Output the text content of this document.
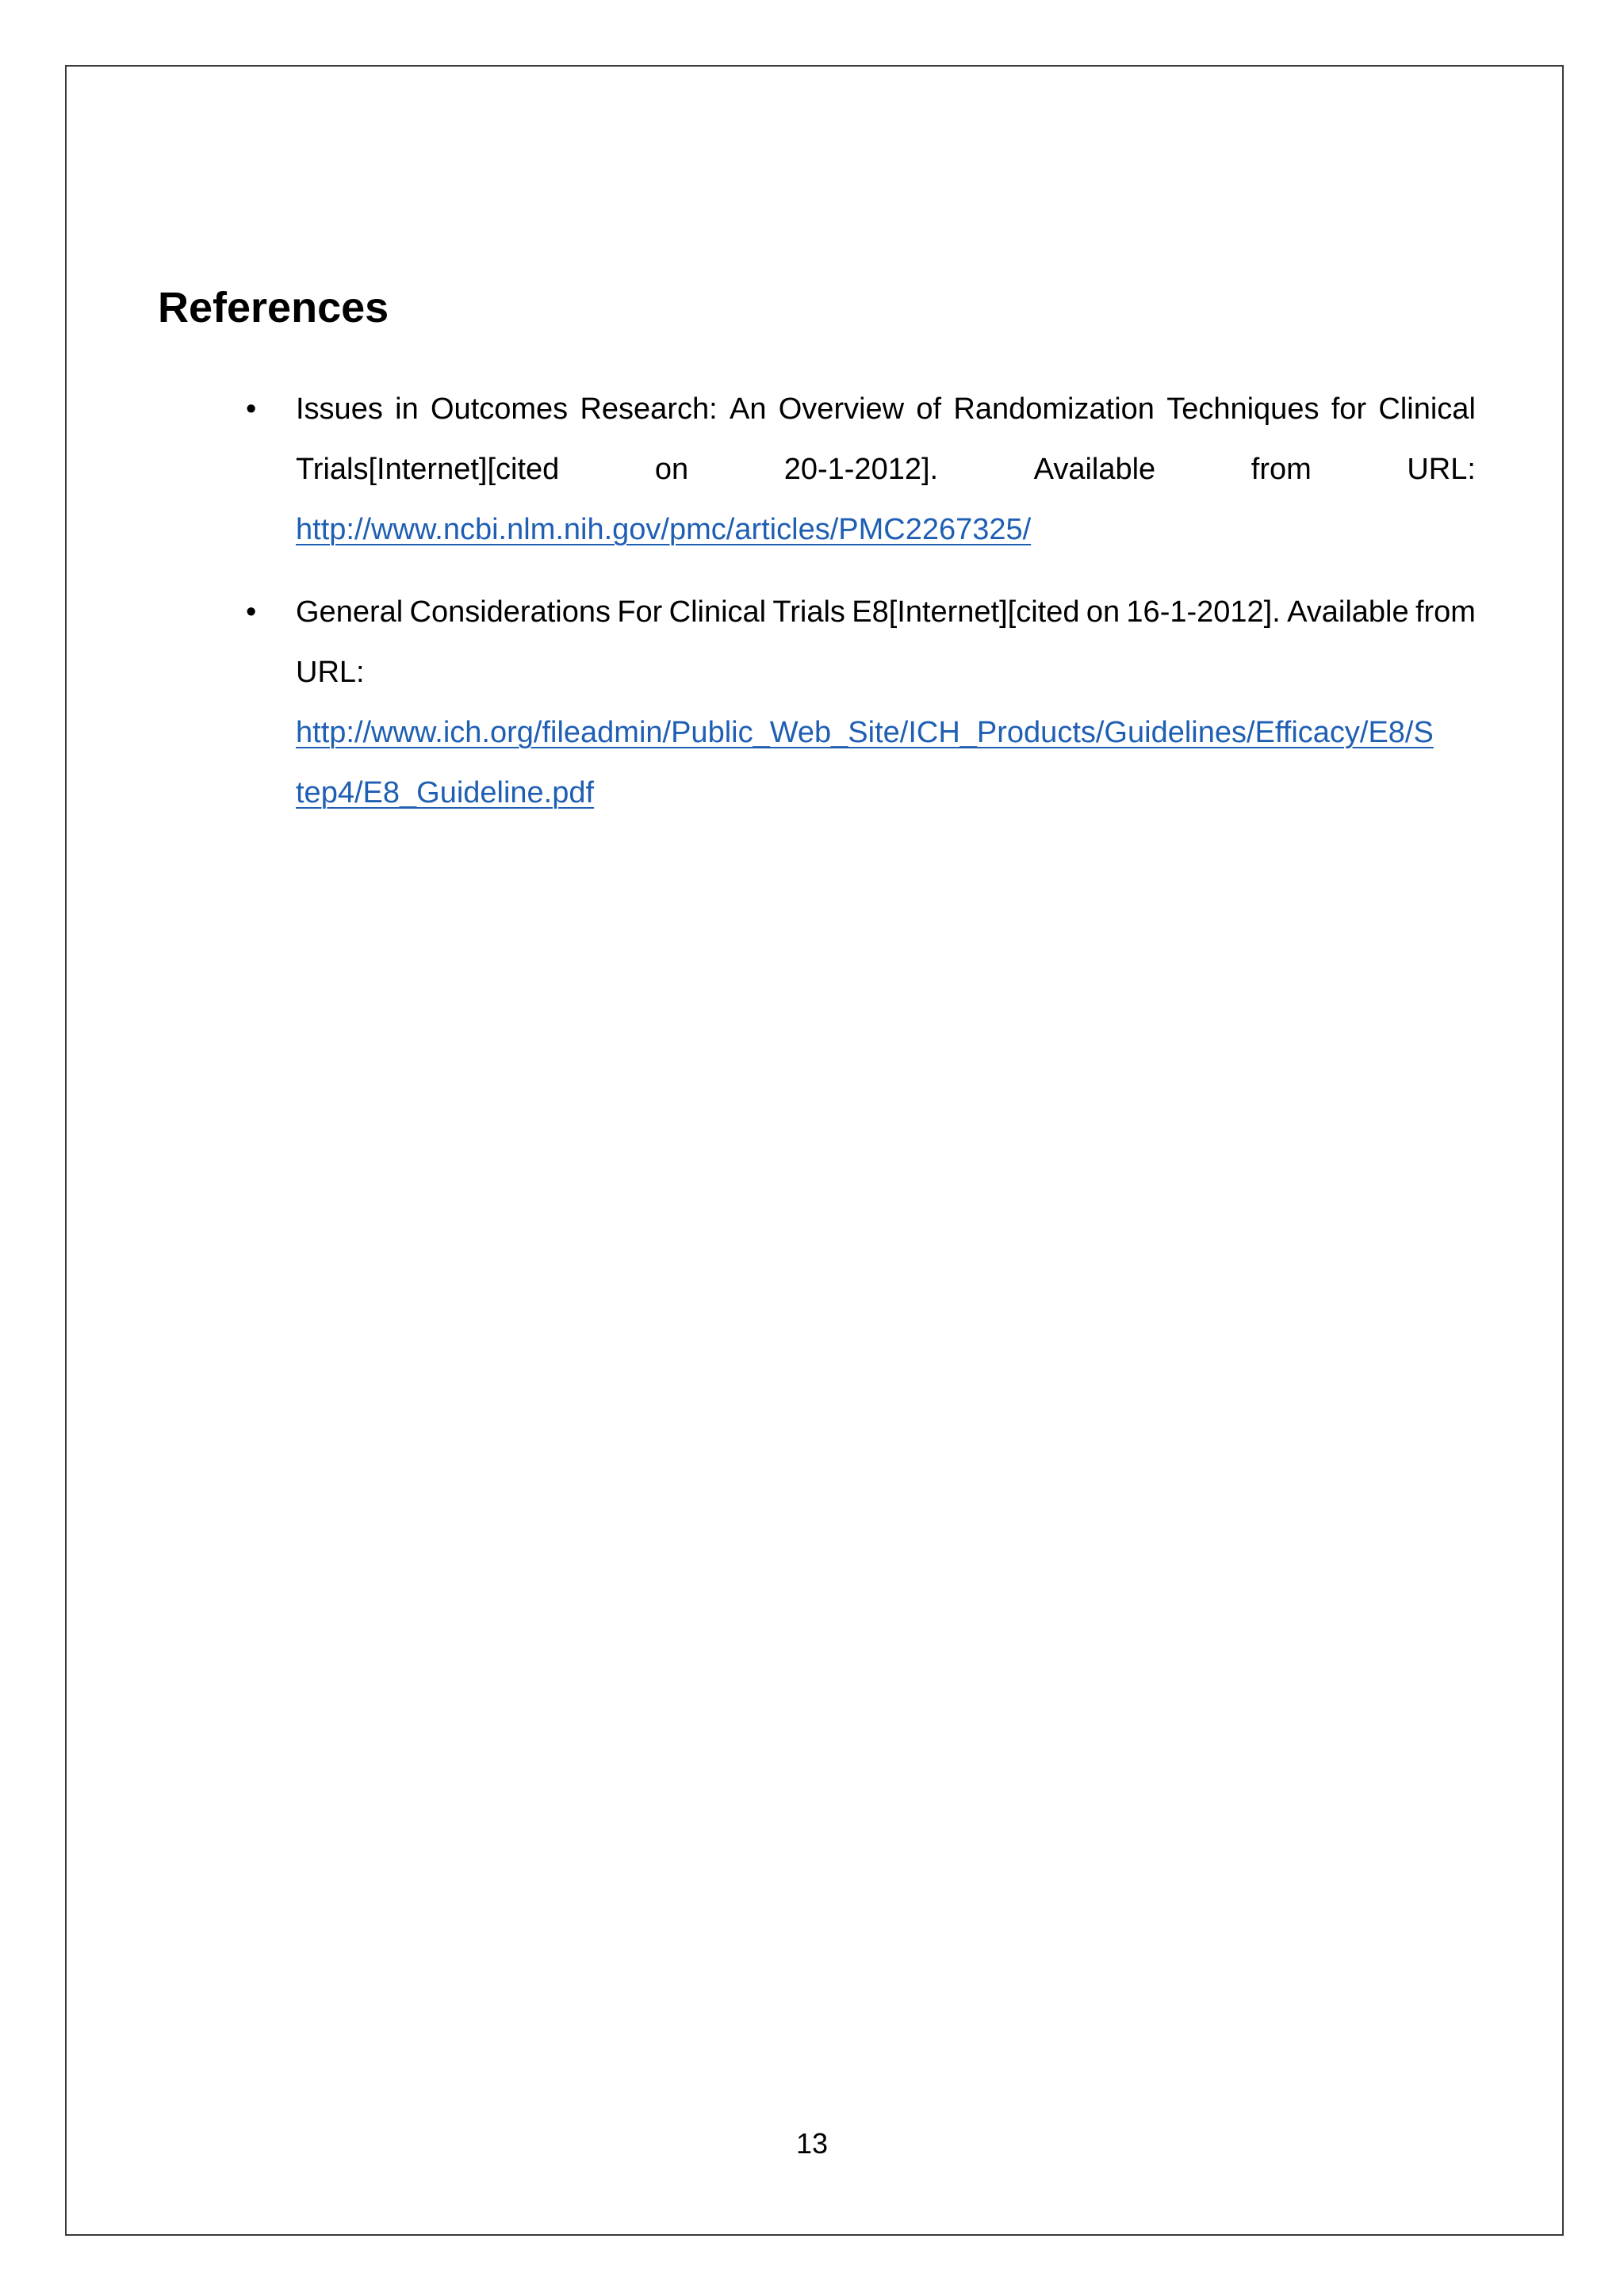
References
• Issues in Outcomes Research: An Overview of Randomization Techniques for Clinical
Trials[Internet][cited	on	20-1-2012].	Available	from	URL:
http://www.ncbi.nlm.nih.gov/pmc/articles/PMC2267325/
• General Considerations For Clinical Trials E8[Internet][cited on 16-1-2012]. Available from
URL:
http://www.ich.org/fileadmin/Public_Web_Site/ICH_Products/Guidelines/Efficacy/E8/S
tep4/E8_Guideline.pdf
13
